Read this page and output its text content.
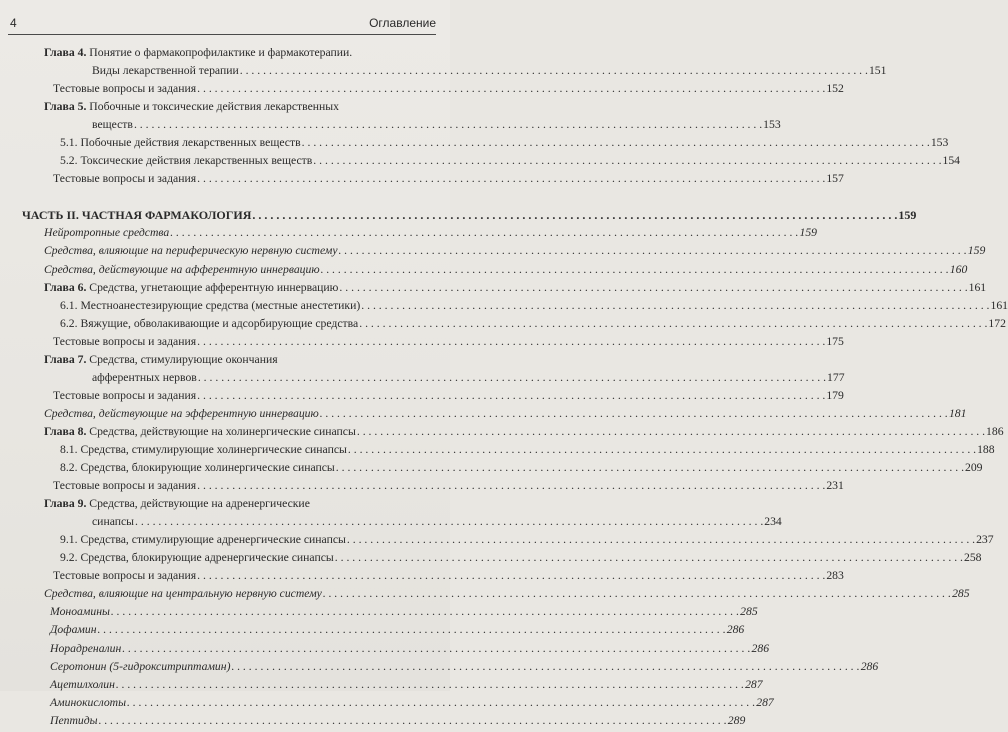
4	Оглавление
Глава 4. Понятие о фармакопрофилактике и фармакотерапии.
Виды лекарственной терапии . . .	151
Тестовые вопросы и задания . . .	152
Глава 5. Побочные и токсические действия лекарственных
веществ . . .	153
5.1. Побочные действия лекарственных веществ . . .	153
5.2. Токсические действия лекарственных веществ . . .	154
Тестовые вопросы и задания . . .	157
ЧАСТЬ II. ЧАСТНАЯ ФАРМАКОЛОГИЯ . . .	159
Нейротропные средства . . .	159
Средства, влияющие на периферическую нервную систему . . .	159
Средства, действующие на афферентную иннервацию . . .	160
Глава 6. Средства, угнетающие афферентную иннервацию . . .	161
6.1. Местноанестезирующие средства (местные анестетики) . . .	161
6.2. Вяжущие, обволакивающие и адсорбирующие средства . . .	172
Тестовые вопросы и задания . . .	175
Глава 7. Средства, стимулирующие окончания
афферентных нервов . . .	177
Тестовые вопросы и задания . . .	179
Средства, действующие на эфферентную иннервацию . . .	181
Глава 8. Средства, действующие на холинергические синапсы . . .	186
8.1. Средства, стимулирующие холинергические синапсы . . .	188
8.2. Средства, блокирующие холинергические синапсы . . .	209
Тестовые вопросы и задания . . .	231
Глава 9. Средства, действующие на адренергические
синапсы . . .	234
9.1. Средства, стимулирующие адренергические синапсы . . .	237
9.2. Средства, блокирующие адренергические синапсы . . .	258
Тестовые вопросы и задания . . .	283
Средства, влияющие на центральную нервную систему . . .	285
Моноамины . . .	285
Дофамин . . .	286
Норадреналин . . .	286
Серотонин (5-гидрокситриптамин) . . .	286
Ацетилхолин . . .	287
Аминокислоты . . .	287
Пептиды . . .	289
